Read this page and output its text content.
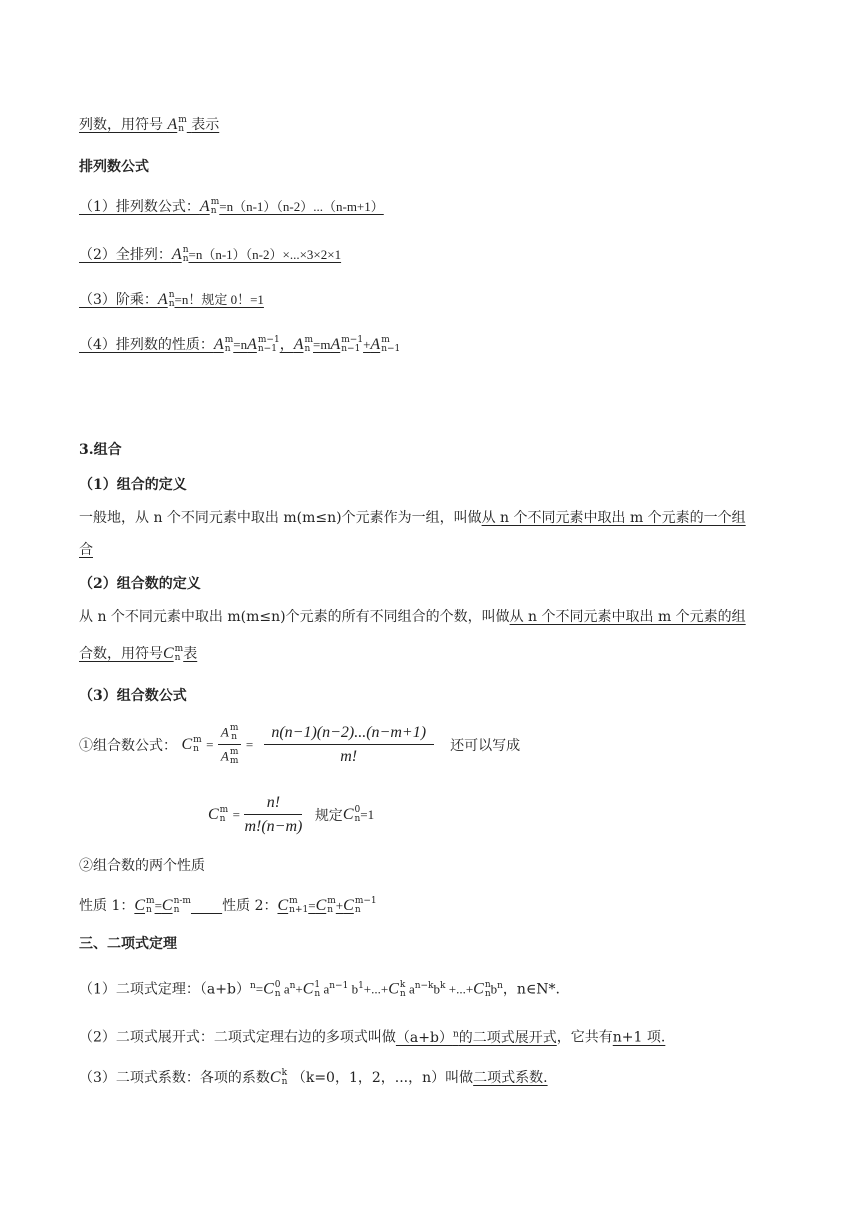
列数，用符号 A m
n 表示
排列数公式
（1）排列数公式：A m
n =n（n-1）（n-2）...（n-m+1）
（2）全排列：A n
n =n（n-1）（n-2）×...×3×2×1
（3）阶乘：A n
n =n！规定 0！=1
（4）排列数的性质：A m
n =nA m−1
n−1 ，A m
n =mA m−1
n−1 +A m
n−1
3.组合
（1）组合的定义
一般地，从 n 个不同元素中取出 m(m≤n)个元素作为一组，叫做从 n 个不同元素中取出 m 个元素的一个组
合
（2）组合数的定义
从 n 个不同元素中取出 m(m≤n)个元素的所有不同组合的个数，叫做从 n 个不同元素中取出 m 个元素的组
合数，用符号C m
n 表
（3）组合数公式
①组合数公式： C m
n = A m
n
A m
$m = \frac{n(n-1)(n-2)...(n-m+1)}{m!}$ 还可以写成
C m
$n = \frac{n!}{m!(n-m)}$ 规定C 0
n =1
②组合数的两个性质
性质 1：C m
n =C n-m
n	性质 2：C m
n+1 =C m
n +C m−1
n
三、二项式定理
（1）二项式定理：$(a+b)^n=C$ 0
n $a^n+C$ 1
n $a^{n-1}$ $b^1+...+C$ k
n $a^{n-k}b^k +...+C$ n
n $b^n$，n∈N*.
（2）二项式展开式：二项式定理右边的多项式叫做$(a+b)^n$的二项式展开式，它共有n+1 项.
（3）二项式系数：各项的系数C k
n （k=0，1，2，...，n）叫做二项式系数.
